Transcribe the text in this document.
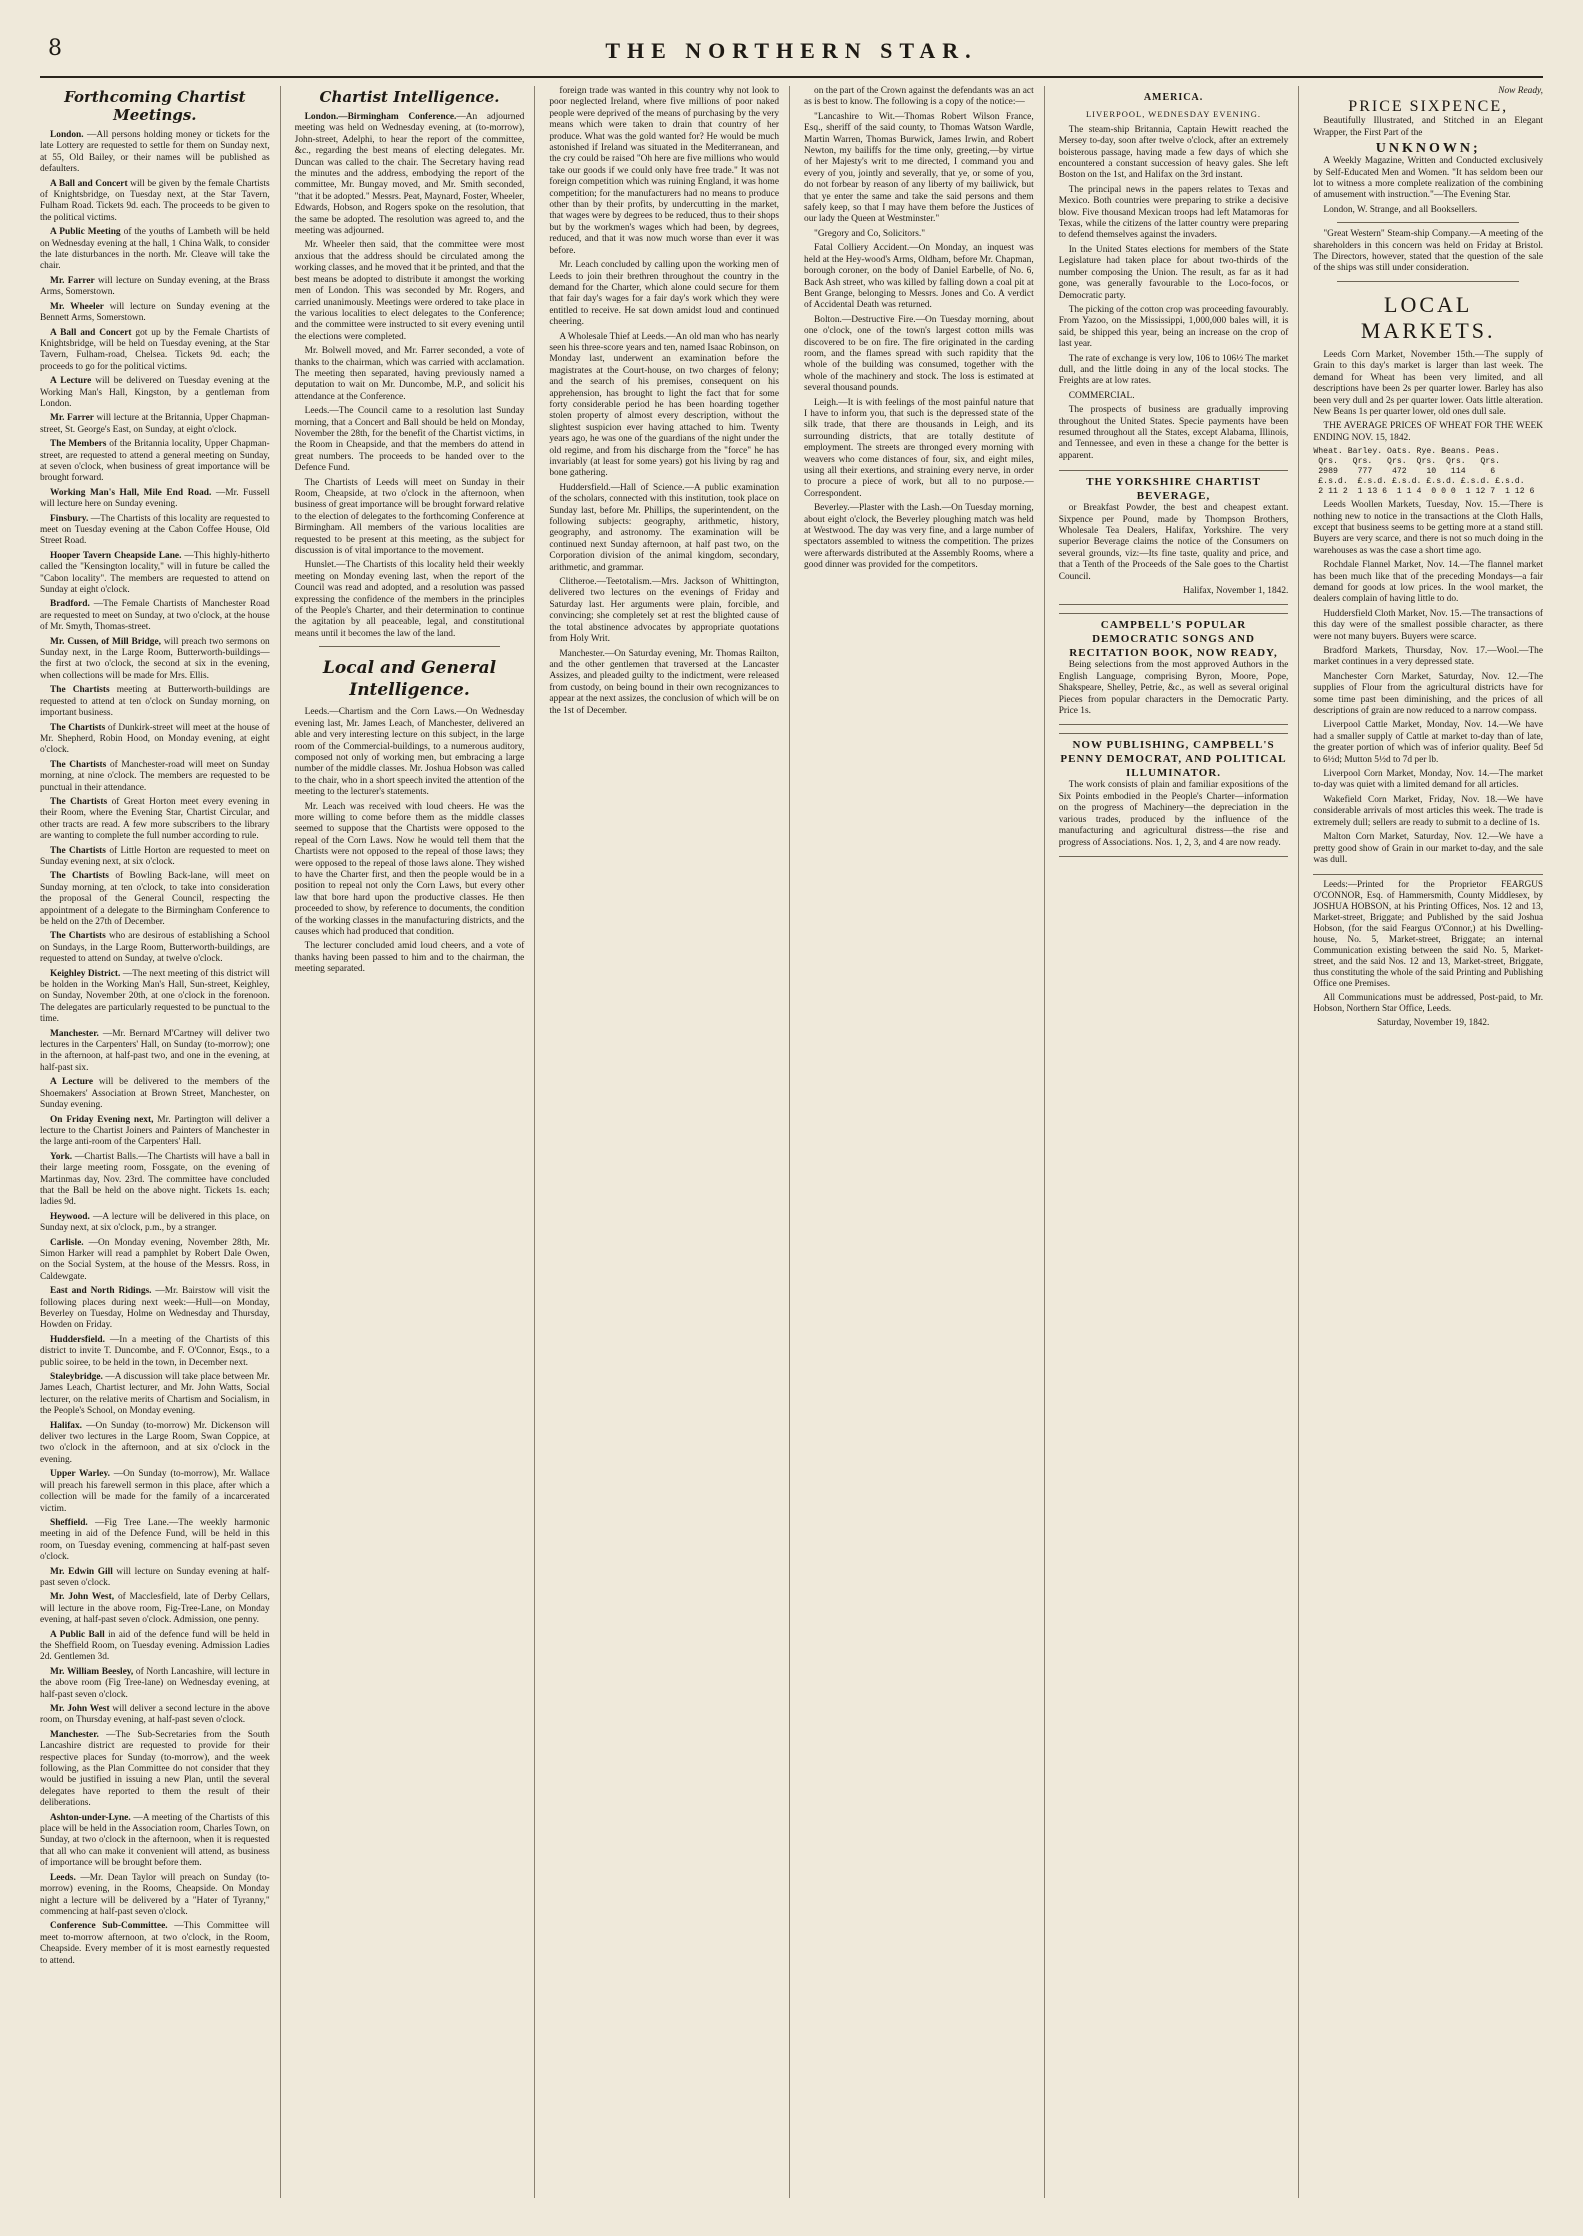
8	THE NORTHERN STAR.
Forthcoming Chartist Meetings.

London. —All persons holding money or tickets for the late Lottery are requested to settle for them on Sunday next, at 55, Old Bailey, or their names will be published as defaulters.

A Ball and Concert will be given by the female Chartists of Knightsbridge, on Tuesday next, at the Star Tavern, Fulham Road. Tickets 9d. each. The proceeds to be given to the political victims.

A Public Meeting of the youths of Lambeth will be held on Wednesday evening at the hall, 1 China Walk, to consider the late disturbances in the north. Mr. Cleave will take the chair.

Mr. Farrer will lecture on Sunday evening, at the Brass Arms, Somerstown.

Mr. Wheeler will lecture on Sunday evening at the Bennett Arms, Somerstown.

A Ball and Concert got up by the Female Chartists of Knightsbridge, will be held on Tuesday evening, at the Star Tavern, Fulham-road, Chelsea. Tickets 9d. each; the proceeds to go for the political victims.

A Lecture will be delivered on Tuesday evening at the Working Man's Hall, Kingston, by a gentleman from London.

Mr. Farrer will lecture at the Britannia, Upper Chapman-street, St. George's East, on Sunday, at eight o'clock.

The Members of the Britannia locality, Upper Chapman-street, are requested to attend a general meeting on Sunday, at seven o'clock, when business of great importance will be brought forward.

Working Man's Hall, Mile End Road. —Mr. Fussell will lecture here on Sunday evening.

Finsbury. —The Chartists of this locality are requested to meet on Tuesday evening at the Cabon Coffee House, Old Street Road.

Hooper Tavern Cheapside Lane. —This highly-hitherto called the "Kensington locality," will in future be called the "Cabon locality". The members are requested to attend on Sunday at eight o'clock.

Bradford. —The Female Chartists of Manchester Road are requested to meet on Sunday, at two o'clock, at the house of Mr. Smyth, Thomas-street.

Mr. Cussen, of Mill Bridge, will preach two sermons on Sunday next, in the Large Room, Butterworth-buildings—the first at two o'clock, the second at six in the evening, when collections will be made for Mrs. Ellis.

The Chartists meeting at Butterworth-buildings are requested to attend at ten o'clock on Sunday morning, on important business.

The Chartists of Dunkirk-street will meet at the house of Mr. Shepherd, Robin Hood, on Monday evening, at eight o'clock.

The Chartists of Manchester-road will meet on Sunday morning, at nine o'clock. The members are requested to be punctual in their attendance.

The Chartists of Great Horton meet every evening in their Room, where the Evening Star, Chartist Circular, and other tracts are read. A few more subscribers to the library are wanting to complete the full number according to rule.

The Chartists of Little Horton are requested to meet on Sunday evening next, at six o'clock.

The Chartists of Bowling Back-lane, will meet on Sunday morning, at ten o'clock, to take into consideration the proposal of the General Council, respecting the appointment of a delegate to the Birmingham Conference to be held on the 27th of December.

The Chartists who are desirous of establishing a School on Sundays, in the Large Room, Butterworth-buildings, are requested to attend on Sunday, at twelve o'clock.

Keighley District. —The next meeting of this district will be holden in the Working Man's Hall, Sun-street, Keighley, on Sunday, November 20th, at one o'clock in the forenoon. The delegates are particularly requested to be punctual to the time.

Manchester. —Mr. Bernard M'Cartney will deliver two lectures in the Carpenters' Hall, on Sunday (to-morrow); one in the afternoon, at half-past two, and one in the evening, at half-past six.

A Lecture will be delivered to the members of the Shoemakers' Association at Brown Street, Manchester, on Sunday evening.

On Friday Evening next, Mr. Partington will deliver a lecture to the Chartist Joiners and Painters of Manchester in the large anti-room of the Carpenters' Hall.

York. —Chartist Balls.—The Chartists will have a ball in their large meeting room, Fossgate, on the evening of Martinmas day, Nov. 23rd. The committee have concluded that the Ball be held on the above night. Tickets 1s. each; ladies 9d.

Heywood. —A lecture will be delivered in this place, on Sunday next, at six o'clock, p.m., by a stranger.

Carlisle. —On Monday evening, November 28th, Mr. Simon Harker will read a pamphlet by Robert Dale Owen, on the Social System, at the house of the Messrs. Ross, in Caldewgate.

East and North Ridings. —Mr. Bairstow will visit the following places during next week:—Hull—on Monday, Beverley on Tuesday, Holme on Wednesday and Thursday, Howden on Friday.

Huddersfield. —In a meeting of the Chartists of this district to invite T. Duncombe, and F. O'Connor, Esqs., to a public soiree, to be held in the town, in December next.

Staleybridge. —A discussion will take place between Mr. James Leach, Chartist lecturer, and Mr. John Watts, Social lecturer, on the relative merits of Chartism and Socialism, in the People's School, on Monday evening.

Halifax. —On Sunday (to-morrow) Mr. Dickenson will deliver two lectures in the Large Room, Swan Coppice, at two o'clock in the afternoon, and at six o'clock in the evening.

Upper Warley. —On Sunday (to-morrow), Mr. Wallace will preach his farewell sermon in this place, after which a collection will be made for the family of a incarcerated victim.

Sheffield. —Fig Tree Lane.—The weekly harmonic meeting in aid of the Defence Fund, will be held in this room, on Tuesday evening, commencing at half-past seven o'clock.

Mr. Edwin Gill will lecture on Sunday evening at half-past seven o'clock.

Mr. John West, of Macclesfield, late of Derby Cellars, will lecture in the above room, Fig-Tree-Lane, on Monday evening, at half-past seven o'clock. Admission, one penny.

A Public Ball in aid of the defence fund will be held in the Sheffield Room, on Tuesday evening. Admission Ladies 2d. Gentlemen 3d.

Mr. William Beesley, of North Lancashire, will lecture in the above room (Fig Tree-lane) on Wednesday evening, at half-past seven o'clock.

Mr. John West will deliver a second lecture in the above room, on Thursday evening, at half-past seven o'clock.

Manchester. —The Sub-Secretaries from the South Lancashire district are requested to provide for their respective places for Sunday (to-morrow), and the week following, as the Plan Committee do not consider that they would be justified in issuing a new Plan, until the several delegates have reported to them the result of their deliberations.

Ashton-under-Lyne. —A meeting of the Chartists of this place will be held in the Association room, Charles Town, on Sunday, at two o'clock in the afternoon, when it is requested that all who can make it convenient will attend, as business of importance will be brought before them.

Leeds. —Mr. Dean Taylor will preach on Sunday (to-morrow) evening, in the Rooms, Cheapside. On Monday night a lecture will be delivered by a "Hater of Tyranny," commencing at half-past seven o'clock.

Conference Sub-Committee. —This Committee will meet to-morrow afternoon, at two o'clock, in the Room, Cheapside. Every member of it is most earnestly requested to attend.

Chartist Intelligence.

London.—Birmingham Conference.—An adjourned meeting was held on Wednesday evening, at (to-morrow), John-street, Adelphi, to hear the report of the committee, &c., regarding the best means of electing delegates. Mr. Duncan was called to the chair. The Secretary having read the minutes and the address, embodying the report of the committee, Mr. Bungay moved, and Mr. Smith seconded, "that it be adopted." Messrs. Peat, Maynard, Foster, Wheeler, Edwards, Hobson, and Rogers spoke on the resolution, that the same be adopted. The resolution was agreed to, and the meeting was adjourned.

Mr. Wheeler then said, that the committee were most anxious that the address should be circulated among the working classes, and he moved that it be printed, and that the best means be adopted to distribute it amongst the working men of London. This was seconded by Mr. Rogers, and carried unanimously. Meetings were ordered to take place in the various localities to elect delegates to the Conference; and the committee were instructed to sit every evening until the elections were completed.

Mr. Bolwell moved, and Mr. Farrer seconded, a vote of thanks to the chairman, which was carried with acclamation. The meeting then separated, having previously named a deputation to wait on Mr. Duncombe, M.P., and solicit his attendance at the Conference.

Leeds.—The Council came to a resolution last Sunday morning, that a Concert and Ball should be held on Monday, November the 28th, for the benefit of the Chartist victims, in the Room in Cheapside, and that the members do attend in great numbers. The proceeds to be handed over to the Defence Fund.

The Chartists of Leeds will meet on Sunday in their Room, Cheapside, at two o'clock in the afternoon, when business of great importance will be brought forward relative to the election of delegates to the forthcoming Conference at Birmingham. All members of the various localities are requested to be present at this meeting, as the subject for discussion is of vital importance to the movement.

Hunslet.—The Chartists of this locality held their weekly meeting on Monday evening last, when the report of the Council was read and adopted, and a resolution was passed expressing the confidence of the members in the principles of the People's Charter, and their determination to continue the agitation by all peaceable, legal, and constitutional means until it becomes the law of the land.

Local and General Intelligence.

Leeds.—Chartism and the Corn Laws.—On Wednesday evening last, Mr. James Leach, of Manchester, delivered an able and very interesting lecture on this subject, in the large room of the Commercial-buildings, to a numerous auditory, composed not only of working men, but embracing a large number of the middle classes. Mr. Joshua Hobson was called to the chair, who in a short speech invited the attention of the meeting to the lecturer's statements.

Mr. Leach was received with loud cheers. He was the more willing to come before them as the middle classes seemed to suppose that the Chartists were opposed to the repeal of the Corn Laws. Now he would tell them that the Chartists were not opposed to the repeal of those laws; they were opposed to the repeal of those laws alone. They wished to have the Charter first, and then the people would be in a position to repeal not only the Corn Laws, but every other law that bore hard upon the productive classes. He then proceeded to show, by reference to documents, the condition of the working classes in the manufacturing districts, and the causes which had produced that condition.

The lecturer concluded amid loud cheers, and a vote of thanks having been passed to him and to the chairman, the meeting separated.

foreign trade was wanted in this country why not look to poor neglected Ireland, where five millions of poor naked people were deprived of the means of purchasing by the very means which were taken to drain that country of her produce. What was the gold wanted for? He would be much astonished if Ireland was situated in the Mediterranean, and the cry could be raised "Oh here are five millions who would take our goods if we could only have free trade." It was not foreign competition which was ruining England, it was home competition; for the manufacturers had no means to produce other than by their profits, by undercutting in the market, that wages were by degrees to be reduced, thus to their shops but by the workmen's wages which had been, by degrees, reduced, and that it was now much worse than ever it was before.

Mr. Leach concluded by calling upon the working men of Leeds to join their brethren throughout the country in the demand for the Charter, which alone could secure for them that fair day's wages for a fair day's work which they were entitled to receive. He sat down amidst loud and continued cheering.

A Wholesale Thief at Leeds.—An old man who has nearly seen his three-score years and ten, named Isaac Robinson, on Monday last, underwent an examination before the magistrates at the Court-house, on two charges of felony; and the search of his premises, consequent on his apprehension, has brought to light the fact that for some forty considerable period he has been hoarding together stolen property of almost every description, without the slightest suspicion ever having attached to him. Twenty years ago, he was one of the guardians of the night under the old regime, and from his discharge from the "force" he has invariably (at least for some years) got his living by rag and bone gathering.

Huddersfield.—Hall of Science.—A public examination of the scholars, connected with this institution, took place on Sunday last, before Mr. Phillips, the superintendent, on the following subjects: geography, arithmetic, history, geography, and astronomy. The examination will be continued next Sunday afternoon, at half past two, on the Corporation division of the animal kingdom, secondary, arithmetic, and grammar.

Clitheroe.—Teetotalism.—Mrs. Jackson of Whittington, delivered two lectures on the evenings of Friday and Saturday last. Her arguments were plain, forcible, and convincing; she completely set at rest the blighted cause of the total abstinence advocates by appropriate quotations from Holy Writ.

Manchester.—On Saturday evening, Mr. Thomas Railton, and the other gentlemen that traversed at the Lancaster Assizes, and pleaded guilty to the indictment, were released from custody, on being bound in their own recognizances to appear at the next assizes, the conclusion of which will be on the 1st of December.

on the part of the Crown against the defendants was an act as is best to know. The following is a copy of the notice:—

"Lancashire to Wit.—Thomas Robert Wilson France, Esq., sheriff of the said county, to Thomas Watson Wardle, Martin Warren, Thomas Burwick, James Irwin, and Robert Newton, my bailiffs for the time only, greeting,—by virtue of her Majesty's writ to me directed, I command you and every of you, jointly and severally, that ye, or some of you, do not forbear by reason of any liberty of my bailiwick, but that ye enter the same and take the said persons and them safely keep, so that I may have them before the Justices of our lady the Queen at Westminster."

"Gregory and Co, Solicitors."

Fatal Colliery Accident.—On Monday, an inquest was held at the Hey-wood's Arms, Oldham, before Mr. Chapman, borough coroner, on the body of Daniel Earbelle, of No. 6, Back Ash street, who was killed by falling down a coal pit at Bent Grange, belonging to Messrs. Jones and Co. A verdict of Accidental Death was returned.

Bolton.—Destructive Fire.—On Tuesday morning, about one o'clock, one of the town's largest cotton mills was discovered to be on fire. The fire originated in the carding room, and the flames spread with such rapidity that the whole of the building was consumed, together with the whole of the machinery and stock. The loss is estimated at several thousand pounds.

Leigh.—It is with feelings of the most painful nature that I have to inform you, that such is the depressed state of the silk trade, that there are thousands in Leigh, and its surrounding districts, that are totally destitute of employment. The streets are thronged every morning with weavers who come distances of four, six, and eight miles, using all their exertions, and straining every nerve, in order to procure a piece of work, but all to no purpose.—Correspondent.

Beverley.—Plaster with the Lash.—On Tuesday morning, about eight o'clock, the Beverley ploughing match was held at Westwood. The day was very fine, and a large number of spectators assembled to witness the competition. The prizes were afterwards distributed at the Assembly Rooms, where a good dinner was provided for the competitors.

AMERICA.
LIVERPOOL, WEDNESDAY EVENING.

The steam-ship Britannia, Captain Hewitt reached the Mersey to-day, soon after twelve o'clock, after an extremely boisterous passage, having made a few days of which she encountered a constant succession of heavy gales. She left Boston on the 1st, and Halifax on the 3rd instant.

The principal news in the papers relates to Texas and Mexico. Both countries were preparing to strike a decisive blow. Five thousand Mexican troops had left Matamoras for Texas, while the citizens of the latter country were preparing to defend themselves against the invaders.

In the United States elections for members of the State Legislature had taken place for about two-thirds of the number composing the Union. The result, as far as it had gone, was generally favourable to the Loco-focos, or Democratic party.

The picking of the cotton crop was proceeding favourably. From Yazoo, on the Mississippi, 1,000,000 bales will, it is said, be shipped this year, being an increase on the crop of last year.

The rate of exchange is very low, 106 to 106½ The market dull, and the little doing in any of the local stocks. The Freights are at low rates.

COMMERCIAL.

The prospects of business are gradually improving throughout the United States. Specie payments have been resumed throughout all the States, except Alabama, Illinois, and Tennessee, and even in these a change for the better is apparent.

THE YORKSHIRE CHARTIST BEVERAGE,

or Breakfast Powder, the best and cheapest extant. Sixpence per Pound, made by Thompson Brothers, Wholesale Tea Dealers, Halifax, Yorkshire. The very superior Beverage claims the notice of the Consumers on several grounds, viz:—Its fine taste, quality and price, and that a Tenth of the Proceeds of the Sale goes to the Chartist Council.

Halifax, November 1, 1842.

CAMPBELL'S POPULAR DEMOCRATIC SONGS AND RECITATION BOOK, NOW READY,

Being selections from the most approved Authors in the English Language, comprising Byron, Moore, Pope, Shakspeare, Shelley, Petrie, &c., as well as several original Pieces from popular characters in the Democratic Party. Price 1s.

NOW PUBLISHING, CAMPBELL'S PENNY DEMOCRAT, AND POLITICAL ILLUMINATOR.

The work consists of plain and familiar expositions of the Six Points embodied in the People's Charter—information on the progress of Machinery—the depreciation in the various trades, produced by the influence of the manufacturing and agricultural distress—the rise and progress of Associations. Nos. 1, 2, 3, and 4 are now ready.

Now Ready,
PRICE SIXPENCE,

Beautifully Illustrated, and Stitched in an Elegant Wrapper, the First Part of the

UNKNOWN;

A Weekly Magazine, Written and Conducted exclusively by Self-Educated Men and Women. "It has seldom been our lot to witness a more complete realization of the combining of amusement with instruction."—The Evening Star.

London, W. Strange, and all Booksellers.

"Great Western" Steam-ship Company.—A meeting of the shareholders in this concern was held on Friday at Bristol. The Directors, however, stated that the question of the sale of the ships was still under consideration.

LOCAL MARKETS.

Leeds Corn Market, November 15th.—The supply of Grain to this day's market is larger than last week. The demand for Wheat has been very limited, and all descriptions have been 2s per quarter lower. Barley has also been very dull and 2s per quarter lower. Oats little alteration. New Beans 1s per quarter lower, old ones dull sale.

THE AVERAGE PRICES OF WHEAT FOR THE WEEK ENDING NOV. 15, 1842.

Wheat. Barley. Oats. Rye. Beans. Peas.
Qrs.   Qrs.   Qrs.  Qrs.  Qrs.   Qrs.
2989    777    472    10   114     6
£.s.d.  £.s.d. £.s.d. £.s.d. £.s.d. £.s.d.
2 11 2  1 13 6  1 1 4  0 0 0  1 12 7  1 12 6

Leeds Woollen Markets, Tuesday, Nov. 15.—There is nothing new to notice in the transactions at the Cloth Halls, except that business seems to be getting more at a stand still. Buyers are very scarce, and there is not so much doing in the warehouses as was the case a short time ago.

Rochdale Flannel Market, Nov. 14.—The flannel market has been much like that of the preceding Mondays—a fair demand for goods at low prices. In the wool market, the dealers complain of having little to do.

Huddersfield Cloth Market, Nov. 15.—The transactions of this day were of the smallest possible character, as there were not many buyers. Buyers were scarce.

Bradford Markets, Thursday, Nov. 17.—Wool.—The market continues in a very depressed state.

Manchester Corn Market, Saturday, Nov. 12.—The supplies of Flour from the agricultural districts have for some time past been diminishing, and the prices of all descriptions of grain are now reduced to a narrow compass.

Liverpool Cattle Market, Monday, Nov. 14.—We have had a smaller supply of Cattle at market to-day than of late, the greater portion of which was of inferior quality. Beef 5d to 6½d; Mutton 5½d to 7d per lb.

Liverpool Corn Market, Monday, Nov. 14.—The market to-day was quiet with a limited demand for all articles.

Wakefield Corn Market, Friday, Nov. 18.—We have considerable arrivals of most articles this week. The trade is extremely dull; sellers are ready to submit to a decline of 1s.

Malton Corn Market, Saturday, Nov. 12.—We have a pretty good show of Grain in our market to-day, and the sale was dull.

Leeds:—Printed for the Proprietor FEARGUS O'CONNOR, Esq. of Hammersmith, County Middlesex, by JOSHUA HOBSON, at his Printing Offices, Nos. 12 and 13, Market-street, Briggate; and Published by the said Joshua Hobson, (for the said Feargus O'Connor,) at his Dwelling-house, No. 5, Market-street, Briggate; an internal Communication existing between the said No. 5, Market-street, and the said Nos. 12 and 13, Market-street, Briggate, thus constituting the whole of the said Printing and Publishing Office one Premises.

All Communications must be addressed, Post-paid, to Mr. Hobson, Northern Star Office, Leeds.

Saturday, November 19, 1842.
